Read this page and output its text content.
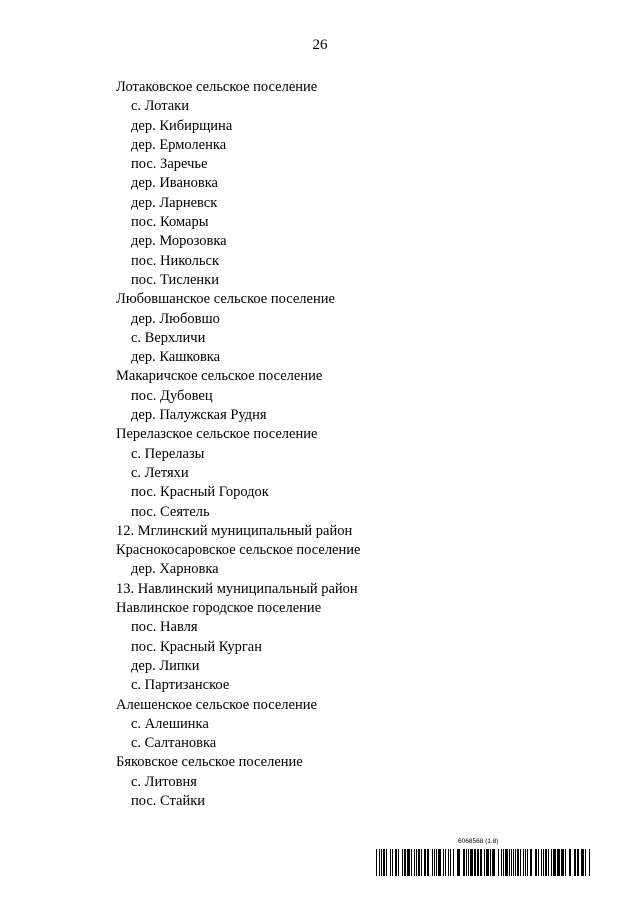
26
Лотаковское сельское поселение
с. Лотаки
дер. Кибирщина
дер. Ермоленка
пос. Заречье
дер. Ивановка
дер. Ларневск
пос. Комары
дер. Морозовка
пос. Никольск
пос. Тисленки
Любовшанское сельское поселение
дер. Любовшо
с. Верхличи
дер. Кашковка
Макаричское сельское поселение
пос. Дубовец
дер. Палужская Рудня
Перелазское сельское поселение
с. Перелазы
с. Летяхи
пос. Красный Городок
пос. Сеятель
12. Мглинский муниципальный район
Краснокосаровское сельское поселение
дер. Харновка
13. Навлинский муниципальный район
Навлинское городское поселение
пос. Навля
пос. Красный Курган
дер. Липки
с. Партизанское
Алешенское сельское поселение
с. Алешинка
с. Салтановка
Бяковское сельское поселение
с. Литовня
пос. Стайки
6068568 (1.8)
